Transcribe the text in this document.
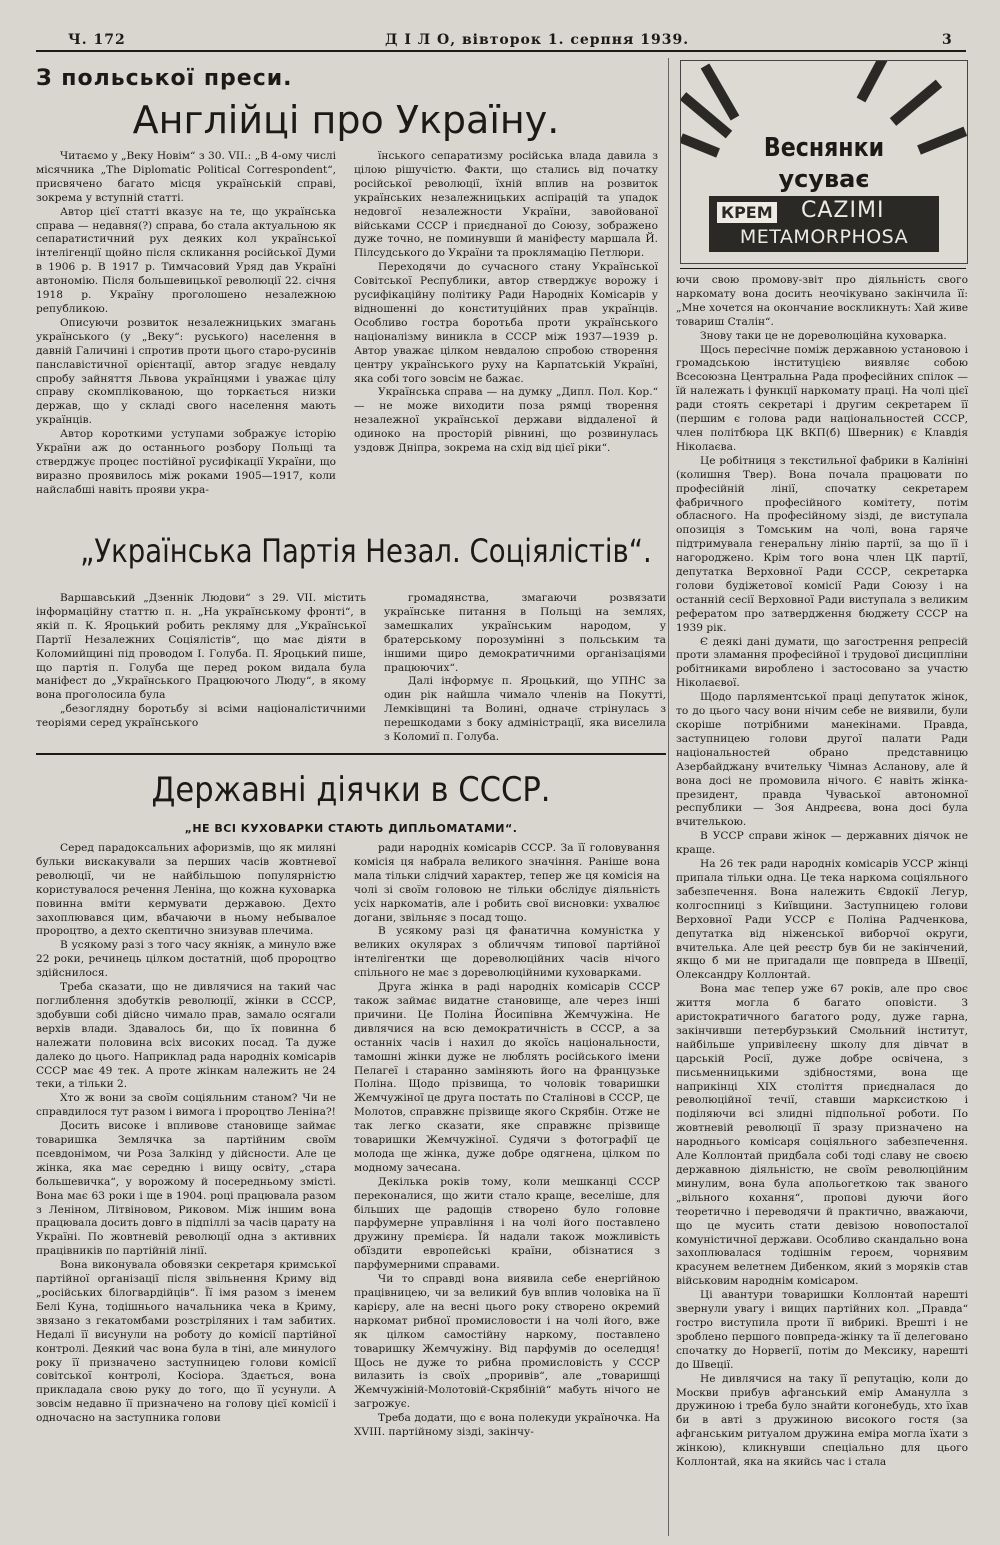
Ч. 172	Д І Л О, вівторок 1. серпня 1939.	3
З польської преси.
Англійці про Україну.

Читаємо у „Веку Новім“ з 30. VII.: „В 4-ому числі місячника „The Diplomatic Political Correspondent“, присвячено багато місця українській справі, зокрема у вступній статті.

Автор цієї статті вказує на те, що українська справа — недавня(?) справа, бо стала актуальною як сепаратистичний рух деяких кол української інтелігенції щойно після скликання російської Думи в 1906 р. В 1917 р. Тимчасовий Уряд дав Україні автономію. Після большевицької революції 22. січня 1918 р. Україну проголошено незалежною републикою.

Описуючи розвиток незалежницьких змагань українського (у „Веку“: руського) населення в давній Галичині і спротив проти цього старо-русинів панславістичної орієнтації, автор згадує невдалу спробу зайняття Львова українцями і уважає цілу справу скомплікованою, що торкається низки держав, що у складі свого населення мають українців.

Автор короткими уступами зображує історію України аж до останнього розбору Польщі та стверджує процес постійної русифікації України, що виразно проявилось між роками 1905—1917, коли найслабші навіть прояви укра-

їнського сепаратизму російська влада давила з цілою рішучістю. Факти, що стались від початку російської революції, їхній вплив на розвиток українських незалежницьких аспірацій та упадок недовгої незалежности України, завойованої військами СССР і приєднаної до Союзу, зображено дуже точно, не поминувши й маніфесту маршала Й. Пілсудського до України та проклямацію Петлюри.

Переходячи до сучасного стану Української Совітської Республики, автор стверджує ворожу і русифікаційну політику Ради Народніх Комісарів у відношенні до конституційних прав українців. Особливо гостра боротьба проти українського націоналізму виникла в СССР між 1937—1939 р. Автор уважає цілком невдалою спробою створення центру українського руху на Карпатській Україні, яка собі того зовсім не бажає.

Українська справа — на думку „Дипл. Пол. Кор.“ — не може виходити поза рямці творення незалежної української держави віддаленої й одиноко на просторій рівнині, що розвинулась уздовж Дніпра, зокрема на схід від цієї ріки“.

„Українська Партія Незал. Соціялістів“.

Варшавський „Дзеннік Людови“ з 29. VII. містить інформаційну статтю п. н. „На українському фронті“, в якій п. К. Яроцький робить рекляму для „Української Партії Незалежних Соціялістів“, що має діяти в Коломийщині під проводом І. Голуба. П. Яроцький пише, що партія п. Голуба ще перед роком видала була маніфест до „Українського Працюючого Люду“, в якому вона проголосила була

„безоглядну боротьбу зі всіми націоналістичними теоріями серед українського

громадянства, змагаючи розвязати українське питання в Польщі на землях, замешкалих українським народом, у братерському порозумінні з польським та іншими щиро демократичними організаціями працюючих“.

Далі інформує п. Яроцький, що УПНС за один рік найшла чимало членів на Покутті, Лемківщині та Волині, одначе стрінулась з перешкодами з боку адміністрації, яка виселила з Коломиї п. Голуба.

Веснянки
усуває
КРЕМ CAZIMI
METAMORPHOSA
Державні діячки в СССР.
„НЕ ВСІ КУХОВАРКИ СТАЮТЬ ДИПЛЬОМАТАМИ“.

Серед парадоксальних афоризмів, що як миляні бульки вискакували за перших часів жовтневої революції, чи не найбільшою популярністю користувалося речення Леніна, що кожна куховарка повинна вміти кермувати державою. Дехто захоплювався цим, вбачаючи в ньому небывалое пророцтво, а дехто скептично знизував плечима.

В усякому разі з того часу якніяк, а минуло вже 22 роки, речинець цілком достатній, щоб пророцтво здійснилося.

Треба сказати, що не дивлячися на такий час поглиблення здобутків революції, жінки в СССР, здобувши собі дійсно чимало прав, замало осягали верхів влади. Здавалось би, що їх повинна б належати половина всіх високих посад. Та дуже далеко до цього. Наприклад рада народніх комісарів СССР має 49 тек. А проте жінкам належить не 24 теки, а тільки 2.

Хто ж вони за своїм соціяльним станом? Чи не справдилося тут разом і вимога і пророцтво Леніна?!

Досить високе і впливове становище займає товаришка Землячка за партійним своїм псевдонімом, чи Роза Залкінд у дійсности. Але це жінка, яка має середню і вищу освіту, „стара большевичка“, у ворожому й посередньому змісті. Вона має 63 роки і ще в 1904. році працювала разом з Леніном, Літвіновом, Риковом. Між іншим вона працювала досить довго в підпіллі за часів царату на Україні. По жовтневій революції одна з активних працівників по партійній лінії.

Вона виконувала обовязки секретаря кримської партійної організації після звільнення Криму від „російських білогвардійців“. Її імя разом з іменем Белі Куна, тодішнього начальника чека в Криму, звязано з гекатомбами розстріляних і там забитих. Недалі її висунули на роботу до комісії партійної контролі. Деякий час вона була в тіні, але минулого року її призначено заступницею голови комісії совітської контролі, Косіора. Здається, вона прикладала свою руку до того, що її усунули. А зовсім недавно її призначено на голову цієї комісії і одночасно на заступника голови

ради народніх комісарів СССР. За її головування комісія ця набрала великого значіння. Раніше вона мала тільки слідчий характер, тепер же ця комісія на чолі зі своїм головою не тільки обслідує діяльність усіх наркоматів, але і робить свої висновки: ухвалює догани, звільняє з посад тощо.

В усякому разі ця фанатична комуністка у великих окулярах з обличчям типової партійної інтелігентки ще дореволюційних часів нічого спільного не має з дореволюційними куховарками.

Друга жінка в раді народніх комісарів СССР також займає видатне становище, але через інші причини. Це Поліна Йосипівна Жемчужіна. Не дивлячися на всю демократичність в СССР, а за останніх часів і нахил до якоїсь національности, тамошні жінки дуже не люблять російського імени Пелагеї і старанно заміняють його на французьке Поліна. Щодо прізвища, то чоловік товаришки Жемчужіної це друга постать по Сталінові в СССР, це Молотов, справжнє прізвище якого Скрябін. Отже не так легко сказати, яке справжнє прізвище товаришки Жемчужіної. Судячи з фотографії це молода ще жінка, дуже добре одягнена, цілком по модному зачесана.

Декілька років тому, коли мешканці СССР переконалися, що жити стало краще, веселіше, для більших ще радощів створено було головне парфумерне управління і на чолі його поставлено дружину премієра. Їй надали також можливість обїздити европейські країни, обізнатися з парфумерними справами.

Чи то справді вона виявила себе енергійною працівницею, чи за великий був вплив чоловіка на її карієру, але на весні цього року створено окремий наркомат рибної промисловости і на чолі його, вже як цілком самостійну наркому, поставлено товаришку Жемчужіну. Від парфумів до оселедця! Щось не дуже то рибна промисловість у СССР вилазить із своїх „проривів“, але „товаришці Жемчужіній-Молотовій-Скрябіній“ мабуть нічого не загрожує.

Треба додати, що є вона полекуди україночка. На XVIII. партійному зізді, закінчу-

ючи свою промову-звіт про діяльність свого наркомату вона досить неочікувано закінчила її: „Мне хочется на окончание воскликнуть: Хай живе товариш Сталін“.

Знову таки це не дореволюційна куховарка.

Щось пересічне поміж державною установою і громадською інституцією виявляє собою Всесоюзна Центральна Рада професійних спілок — їй належать і функції наркомату праці. На чолі цієї ради стоять секретарі і другим секретарем її (першим є голова ради національностей СССР, член політбюра ЦК ВКП(б) Шверник) є Клавдія Ніколаєва.

Це робітниця з текстильної фабрики в Калініні (колишня Твер). Вона почала працювати по професійній лінії, спочатку секретарем фабричного професійного комітету, потім обласного. На професійному зізді, де виступала опозиція з Томським на чолі, вона гаряче підтримувала генеральну лінію партії, за що її і нагороджено. Крім того вона член ЦК партії, депутатка Верховної Ради СССР, секретарка голови будіжетової комісії Ради Союзу і на останній сесії Верховної Ради виступала з великим рефератом про затвердження бюджету СССР на 1939 рік.

Є деякі дані думати, що загострення репресій проти зламання професійної і трудової дисципліни робітниками вироблено і застосовано за участю Ніколаєвої.

Щодо парляментської праці депутаток жінок, то до цього часу вони нічим себе не виявили, були скоріше потрібними манекінами. Правда, заступницею голови другої палати Ради національностей обрано представницю Азербайджану вчительку Чімназ Асланову, але й вона досі не промовила нічого. Є навіть жінка-президент, правда Чуваської автономної республики — Зоя Андреєва, вона досі була вчителькою.

В УССР справи жінок — державних діячок не краще.

На 26 тек ради народніх комісарів УССР жінці припала тільки одна. Це тека наркома соціяльного забезпечення. Вона належить Євдокії Легур, колгоспниці з Київщини. Заступницею голови Верховної Ради УССР є Поліна Радченкова, депутатка від ніженської виборчої округи, вчителька. Але цей реєстр був би не закінчений, якщо б ми не пригадали ще повпреда в Швеції, Олександру Коллонтай.

Вона має тепер уже 67 років, але про своє життя могла б багато оповісти. З аристократичного багатого роду, дуже гарна, закінчивши петербурзький Смольний інститут, найбільше упривілеєну школу для дівчат в царській Росії, дуже добре освічена, з письменницькими здібностями, вона ще наприкінці XIX століття приєдналася до революційної течії, ставши марксисткою і поділяючи всі злидні підпольної роботи. По жовтневій революції її зразу призначено на народнього комісаря соціяльного забезпечення. Але Коллонтай придбала собі тоді славу не своєю державною діяльністю, не своїм революційним минулим, вона була апольогеткою так званого „вільного кохання“, пропові дуючи його теоретично і переводячи й практично, вважаючи, що це мусить стати девізою новопосталої комуністичної держави. Особливо скандально вона захоплювалася тодішнім героєм, чорнявим красунем велетнем Дибенком, який з моряків став військовим народнім комісаром.

Ці авантури товаришки Коллонтай нарешті звернули увагу і вищих партійних кол. „Правда“ гостро виступила проти її вибрикі. Врешті і не зроблено першого повпреда-жінку та її делеговано спочатку до Норвегії, потім до Мексику, нарешті до Швеції.

Не дивлячися на таку її репутацію, коли до Москви прибув афганський емір Аманулла з дружиною і треба було знайти когонебудь, хто їхав би в авті з дружиною високого гостя (за афганським ритуалом дружина еміра могла їхати з жінкою), кликнувши спеціально для цього Коллонтай, яка на якийсь час і стала
